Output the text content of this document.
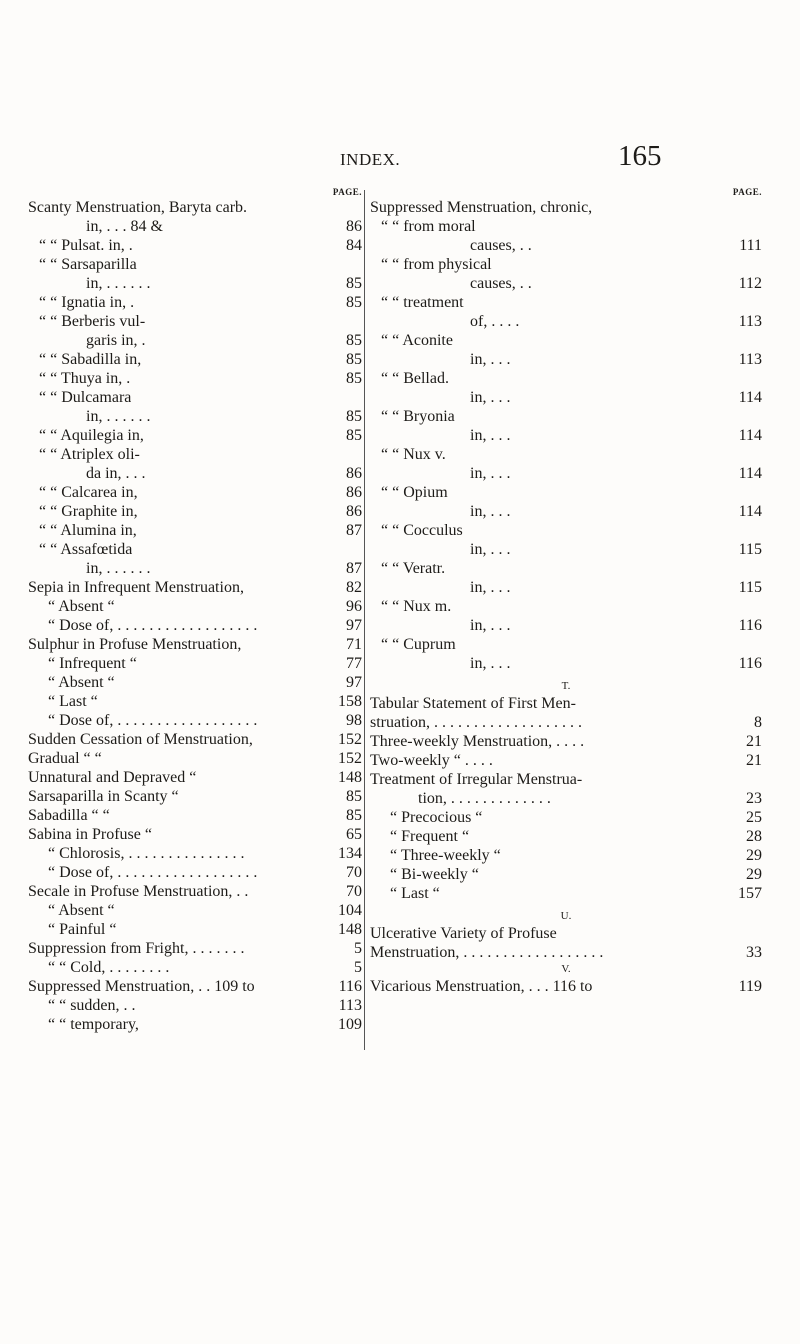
INDEX.	165
PAGE.
Scanty Menstruation, Baryta carb.
in, . . . 84 &	86
“ “ Pulsat. in, .	84
“ “ Sarsaparilla
in, . . . . . .	85
“ “ Ignatia in, .	85
“ “ Berberis vul-
garis in, .	85
“ “ Sabadilla in,	85
“ “ Thuya in, .	85
“ “ Dulcamara
in, . . . . . .	85
“ “ Aquilegia in,	85
“ “ Atriplex oli-
da in, . . .	86
“ “ Calcarea in,	86
“ “ Graphite in,	86
“ “ Alumina in,	87
“ “ Assafœtida
in, . . . . . .	87
Sepia in Infrequent Menstruation,	82
“ Absent “	96
“ Dose of, . . . . . . . . . . . . . . . . . .	97
Sulphur in Profuse Menstruation,	71
“ Infrequent “	77
“ Absent “	97
“ Last “	158
“ Dose of, . . . . . . . . . . . . . . . . . .	98
Sudden Cessation of Menstruation,	152
Gradual “ “	152
Unnatural and Depraved “	148
Sarsaparilla in Scanty “	85
Sabadilla “ “	85
Sabina in Profuse “	65
“ Chlorosis, . . . . . . . . . . . . . . .	134
“ Dose of, . . . . . . . . . . . . . . . . . .	70
Secale in Profuse Menstruation, . .	70
“ Absent “	104
“ Painful “	148
Suppression from Fright, . . . . . . .	5
“ “ Cold, . . . . . . . .	5
Suppressed Menstruation, . . 109 to	116
“ “ sudden, . .	113
“ “ temporary,	109
PAGE.
Suppressed Menstruation, chronic,
“ “ from moral
causes, . .	111
“ “ from physical
causes, . .	112
“ “ treatment
of, . . . .	113
“ “ Aconite
in, . . .	113
“ “ Bellad.
in, . . .	114
“ “ Bryonia
in, . . .	114
“ “ Nux v.
in, . . .	114
“ “ Opium
in, . . .	114
“ “ Cocculus
in, . . .	115
“ “ Veratr.
in, . . .	115
“ “ Nux m.
in, . . .	116
“ “ Cuprum
in, . . .	116
T.
Tabular Statement of First Men-
struation, . . . . . . . . . . . . . . . . . . .	8
Three-weekly Menstruation, . . . .	21
Two-weekly “ . . . .	21
Treatment of Irregular Menstrua-
tion, . . . . . . . . . . . . .	23
“ Precocious “	25
“ Frequent “	28
“ Three-weekly “	29
“ Bi-weekly “	29
“ Last “	157
U.
Ulcerative Variety of Profuse
Menstruation, . . . . . . . . . . . . . . . . . .	33
V.
Vicarious Menstruation, . . . 116 to	119
